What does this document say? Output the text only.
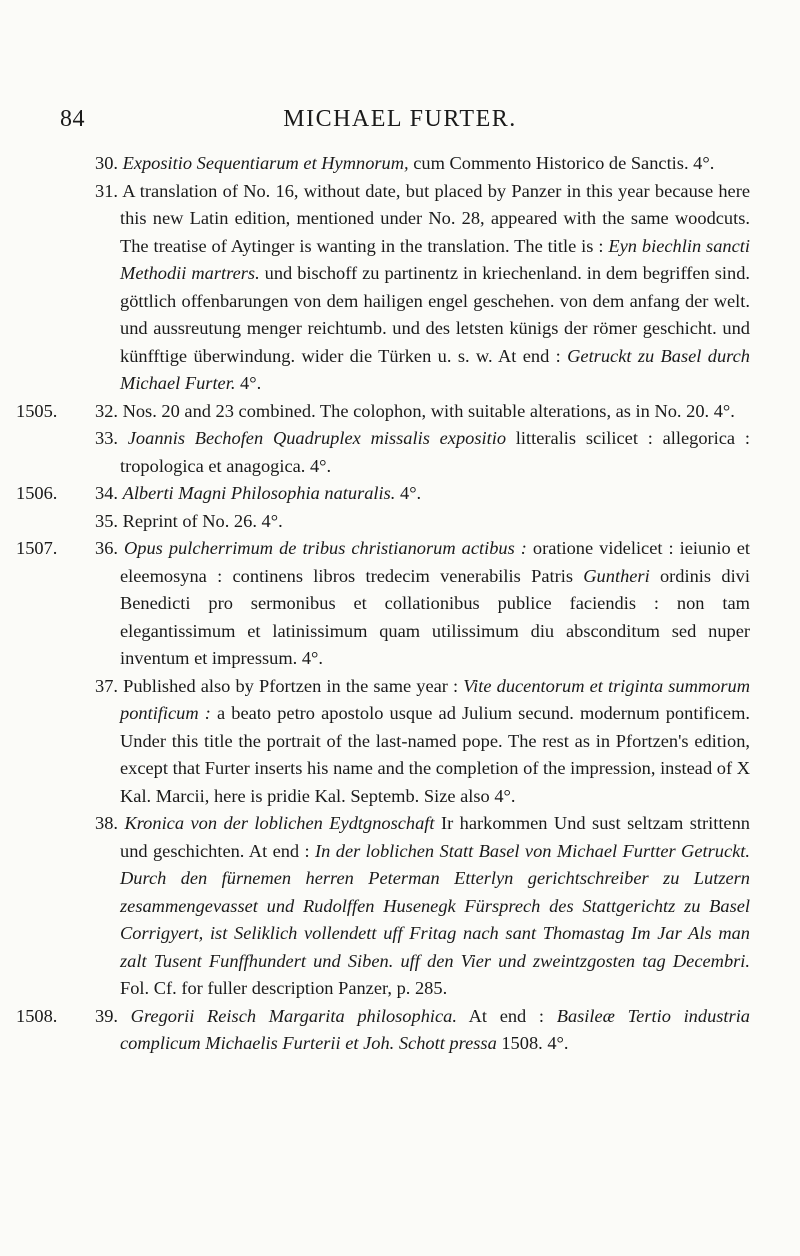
84	MICHAEL FURTER.

30. Expositio Sequentiarum et Hymnorum, cum Commento Historico de Sanctis. 4°.

31. A translation of No. 16, without date, but placed by Panzer in this year because here this new Latin edition, mentioned under No. 28, appeared with the same woodcuts. The treatise of Aytinger is wanting in the translation. The title is : Eyn biechlin sancti Methodii martrers. und bischoff zu partinentz in kriechenland. in dem begriffen sind. göttlich offenbarungen von dem hailigen engel geschehen. von dem anfang der welt. und aussreutung menger reichtumb. und des letsten künigs der römer geschicht. und künfftige überwindung. wider die Türken u. s. w. At end : Getruckt zu Basel durch Michael Furter. 4°.

1505. 32. Nos. 20 and 23 combined. The colophon, with suitable alterations, as in No. 20. 4°.

33. Joannis Bechofen Quadruplex missalis expositio litteralis scilicet : allegorica : tropologica et anagogica. 4°.

1506. 34. Alberti Magni Philosophia naturalis. 4°.

35. Reprint of No. 26. 4°.

1507. 36. Opus pulcherrimum de tribus christianorum actibus : oratione videlicet : ieiunio et eleemosyna : continens libros tredecim venerabilis Patris Guntheri ordinis divi Benedicti pro sermonibus et collationibus publice faciendis : non tam elegantissimum et latinissimum quam utilissimum diu absconditum sed nuper inventum et impressum. 4°.

37. Published also by Pfortzen in the same year : Vite ducentorum et triginta summorum pontificum : a beato petro apostolo usque ad Julium secund. modernum pontificem. Under this title the portrait of the last-named pope. The rest as in Pfortzen's edition, except that Furter inserts his name and the completion of the impression, instead of X Kal. Marcii, here is pridie Kal. Septemb. Size also 4°.

38. Kronica von der loblichen Eydtgnoschaft Ir harkommen Und sust seltzam strittenn und geschichten. At end : In der loblichen Statt Basel von Michael Furtter Getruckt. Durch den fürnemen herren Peterman Etterlyn gerichtschreiber zu Lutzern zesammengevasset und Rudolffen Husenegk Fürsprech des Stattgerichtz zu Basel Corrigyert, ist Seliklich vollendett uff Fritag nach sant Thomastag Im Jar Als man zalt Tusent Funffhundert und Siben. uff den Vier und zweintzgosten tag Decembri. Fol. Cf. for fuller description Panzer, p. 285.

1508. 39. Gregorii Reisch Margarita philosophica. At end : Basileæ Tertio industria complicum Michaelis Furterii et Joh. Schott pressa 1508. 4°.
